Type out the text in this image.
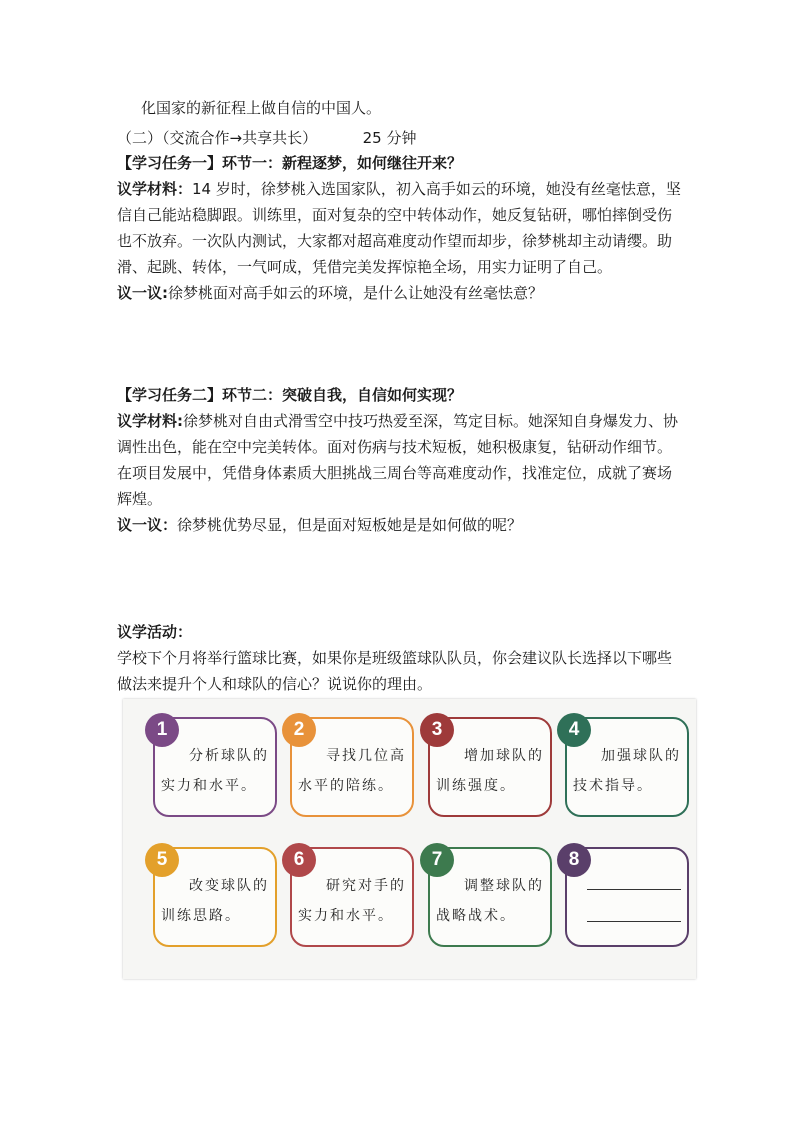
化国家的新征程上做自信的中国人。
（二）（交流合作→共享共长）	25 分钟

【学习任务一】环节一：新程逐梦，如何继往开来？

议学材料：14 岁时，徐梦桃入选国家队，初入高手如云的环境，她没有丝毫怯意，坚信自己能站稳脚跟。训练里，面对复杂的空中转体动作，她反复钻研，哪怕摔倒受伤也不放弃。一次队内测试，大家都对超高难度动作望而却步，徐梦桃却主动请缨。助滑、起跳、转体，一气呵成，凭借完美发挥惊艳全场，用实力证明了自己。

议一议:徐梦桃面对高手如云的环境，是什么让她没有丝毫怯意？

【学习任务二】环节二：突破自我，自信如何实现？

议学材料:徐梦桃对自由式滑雪空中技巧热爱至深，笃定目标。她深知自身爆发力、协调性出色，能在空中完美转体。面对伤病与技术短板，她积极康复，钻研动作细节。在项目发展中，凭借身体素质大胆挑战三周台等高难度动作，找准定位，成就了赛场辉煌。

议一议：徐梦桃优势尽显，但是面对短板她是是如何做的呢？

议学活动：

学校下个月将举行篮球比赛，如果你是班级篮球队队员，你会建议队长选择以下哪些做法来提升个人和球队的信心？说说你的理由。

分析球队的
实力和水平。
1
寻找几位高
水平的陪练。
2
增加球队的
训练强度。
3
加强球队的
技术指导。
4
改变球队的
训练思路。
5
研究对手的
实力和水平。
6
调整球队的
战略战术。
7	8
